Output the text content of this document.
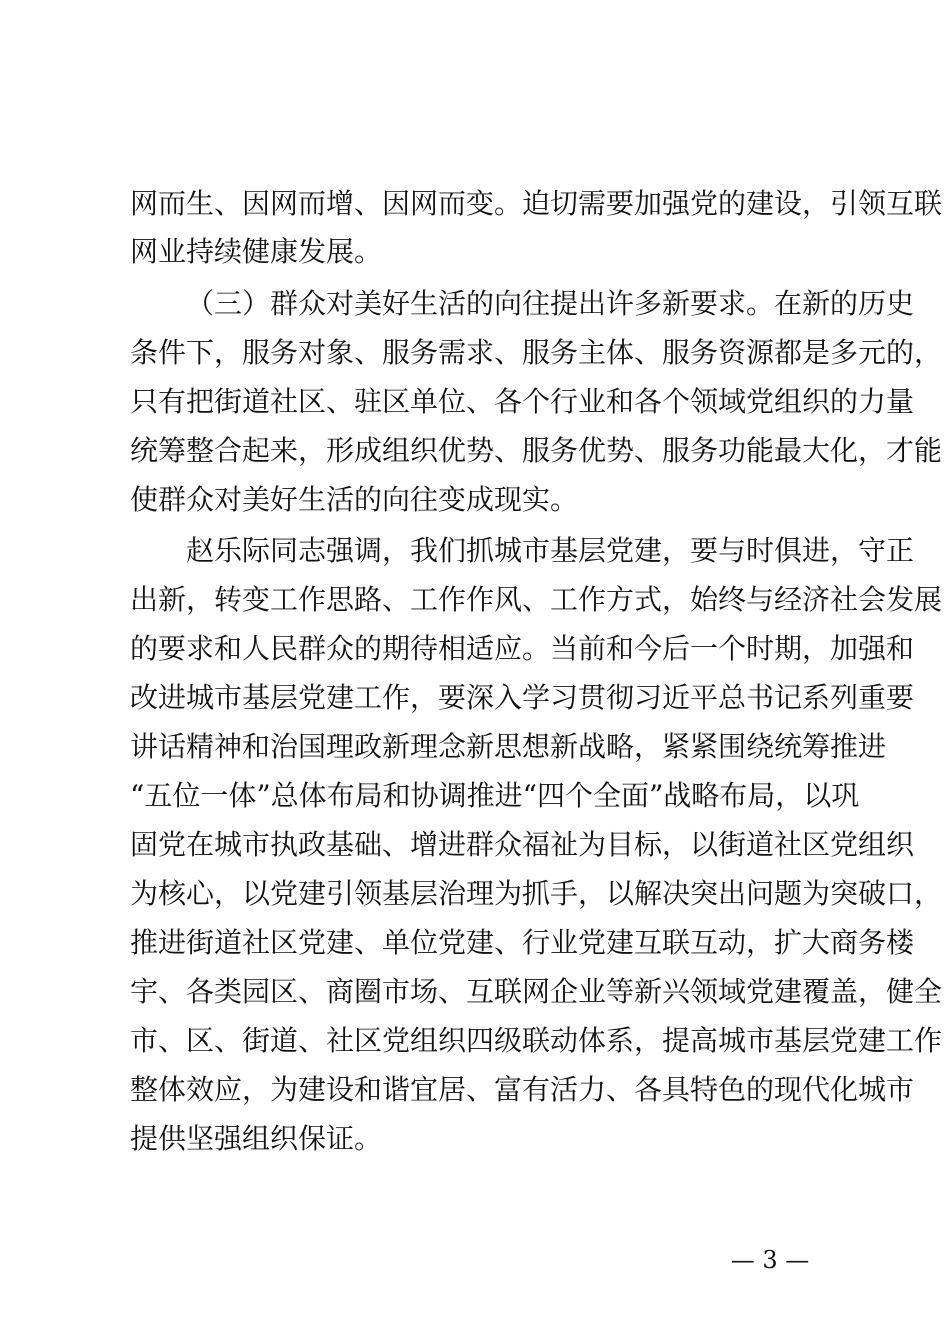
网而生、因网而增、因网而变。迫切需要加强党的建设，引领互联
网业持续健康发展。
（三）群众对美好生活的向往提出许多新要求。在新的历史
条件下，服务对象、服务需求、服务主体、服务资源都是多元的，
只有把街道社区、驻区单位、各个行业和各个领域党组织的力量
统筹整合起来，形成组织优势、服务优势、服务功能最大化，才能
使群众对美好生活的向往变成现实。
赵乐际同志强调，我们抓城市基层党建，要与时俱进，守正
出新，转变工作思路、工作作风、工作方式，始终与经济社会发展
的要求和人民群众的期待相适应。当前和今后一个时期，加强和
改进城市基层党建工作，要深入学习贯彻习近平总书记系列重要
讲话精神和治国理政新理念新思想新战略，紧紧围绕统筹推进
“五位一体”总体布局和协调推进“四个全面”战略布局，以巩
固党在城市执政基础、增进群众福祉为目标，以街道社区党组织
为核心，以党建引领基层治理为抓手，以解决突出问题为突破口，
推进街道社区党建、单位党建、行业党建互联互动，扩大商务楼
宇、各类园区、商圈市场、互联网企业等新兴领域党建覆盖，健全
市、区、街道、社区党组织四级联动体系，提高城市基层党建工作
整体效应，为建设和谐宜居、富有活力、各具特色的现代化城市
提供坚强组织保证。
— 3 —
